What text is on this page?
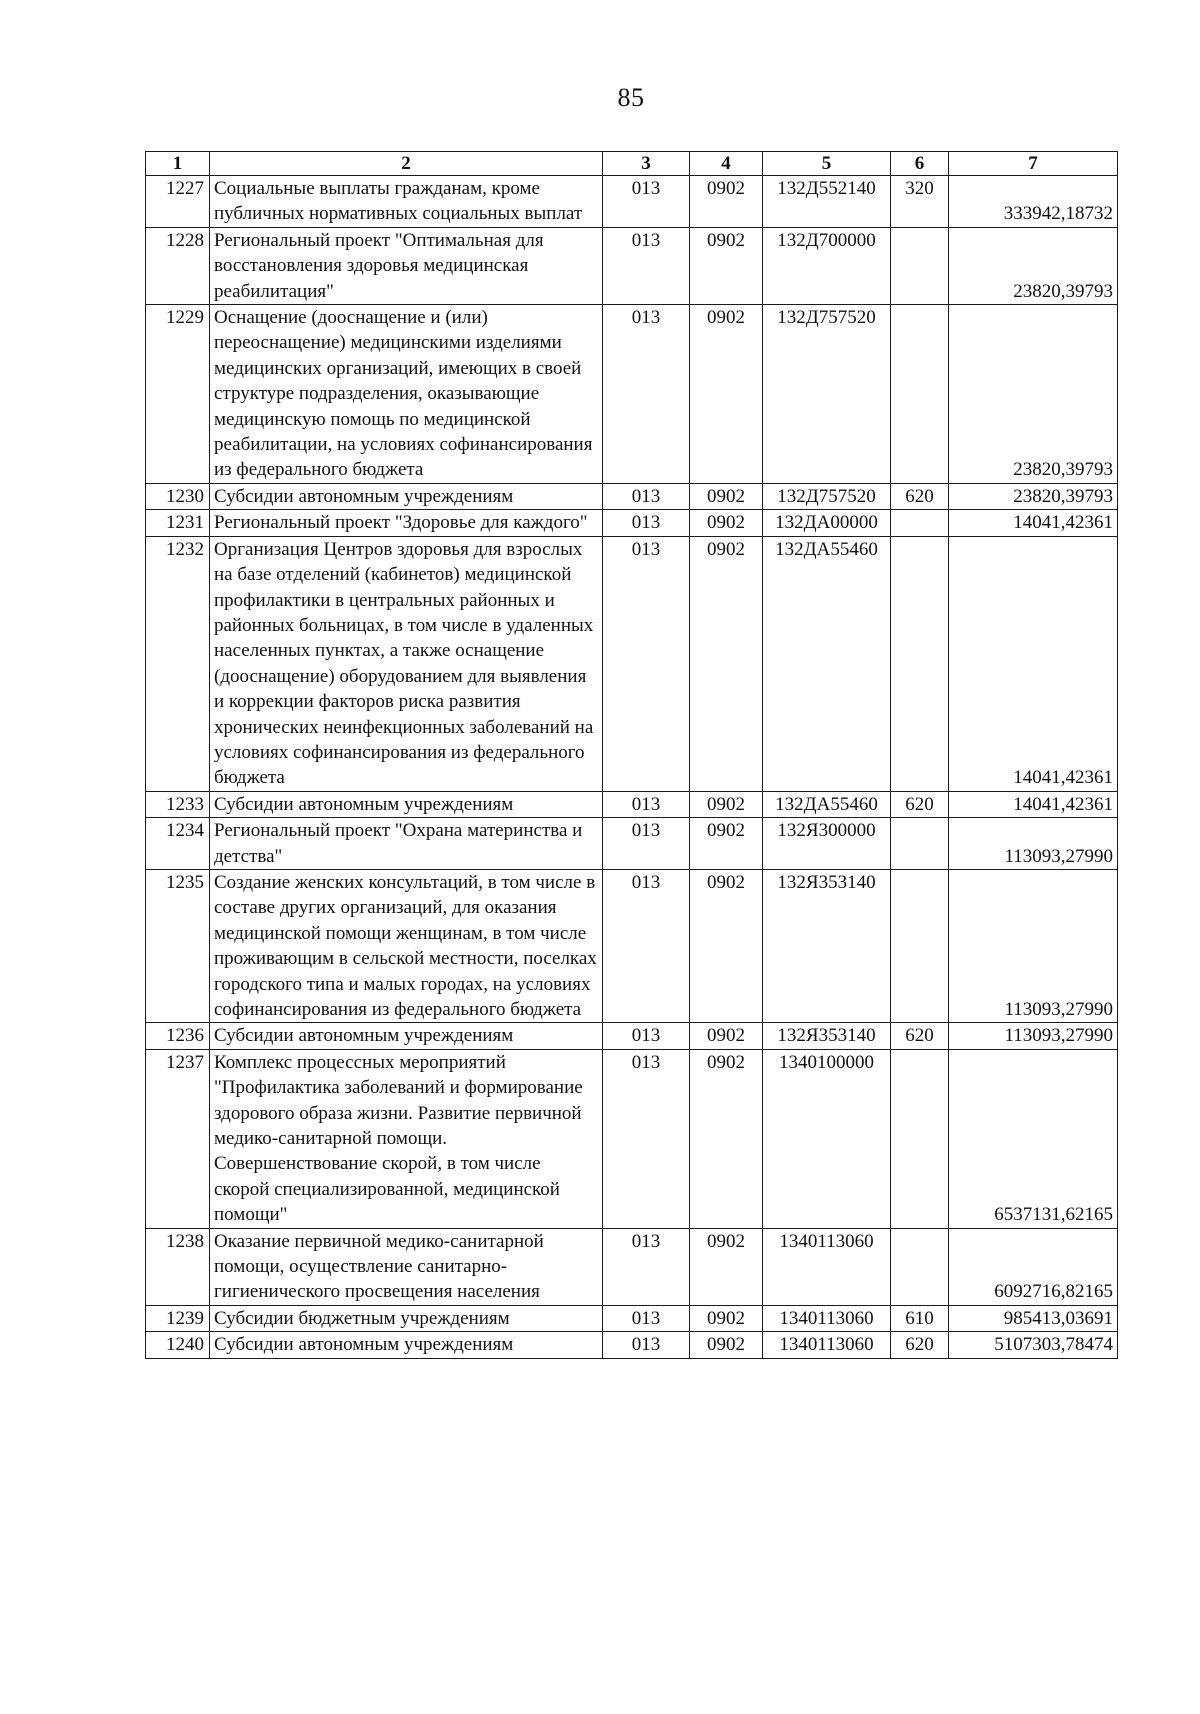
85
1	2	3	4	5	6	7
1227	Социальные выплаты гражданам, кроме публичных нормативных социальных выплат	013	0902	132Д552140	320	333942,18732
1228	Региональный проект "Оптимальная для восстановления здоровья медицинская реабилитация"	013	0902	132Д700000		23820,39793
1229	Оснащение (дооснащение и (или) переоснащение) медицинскими изделиями медицинских организаций, имеющих в своей структуре подразделения, оказывающие медицинскую помощь по медицинской реабилитации, на условиях софинансирования из федерального бюджета	013	0902	132Д757520		23820,39793
1230	Субсидии автономным учреждениям	013	0902	132Д757520	620	23820,39793
1231	Региональный проект "Здоровье для каждого"	013	0902	132ДА00000		14041,42361
1232	Организация Центров здоровья для взрослых на базе отделений (кабинетов) медицинской профилактики в центральных районных и районных больницах, в том числе в удаленных населенных пунктах, а также оснащение (дооснащение) оборудованием для выявления и коррекции факторов риска развития хронических неинфекционных заболеваний на условиях софинансирования из федерального бюджета	013	0902	132ДА55460		14041,42361
1233	Субсидии автономным учреждениям	013	0902	132ДА55460	620	14041,42361
1234	Региональный проект "Охрана материнства и детства"	013	0902	132Я300000		113093,27990
1235	Создание женских консультаций, в том числе в составе других организаций, для оказания медицинской помощи женщинам, в том числе проживающим в сельской местности, поселках городского типа и малых городах, на условиях софинансирования из федерального бюджета	013	0902	132Я353140		113093,27990
1236	Субсидии автономным учреждениям	013	0902	132Я353140	620	113093,27990
1237	Комплекс процессных мероприятий "Профилактика заболеваний и формирование здорового образа жизни. Развитие первичной медико-санитарной помощи. Совершенствование скорой, в том числе скорой специализированной, медицинской помощи"	013	0902	1340100000		6537131,62165
1238	Оказание первичной медико-санитарной помощи, осуществление санитарно-гигиенического просвещения населения	013	0902	1340113060		6092716,82165
1239	Субсидии бюджетным учреждениям	013	0902	1340113060	610	985413,03691
1240	Субсидии автономным учреждениям	013	0902	1340113060	620	5107303,78474
